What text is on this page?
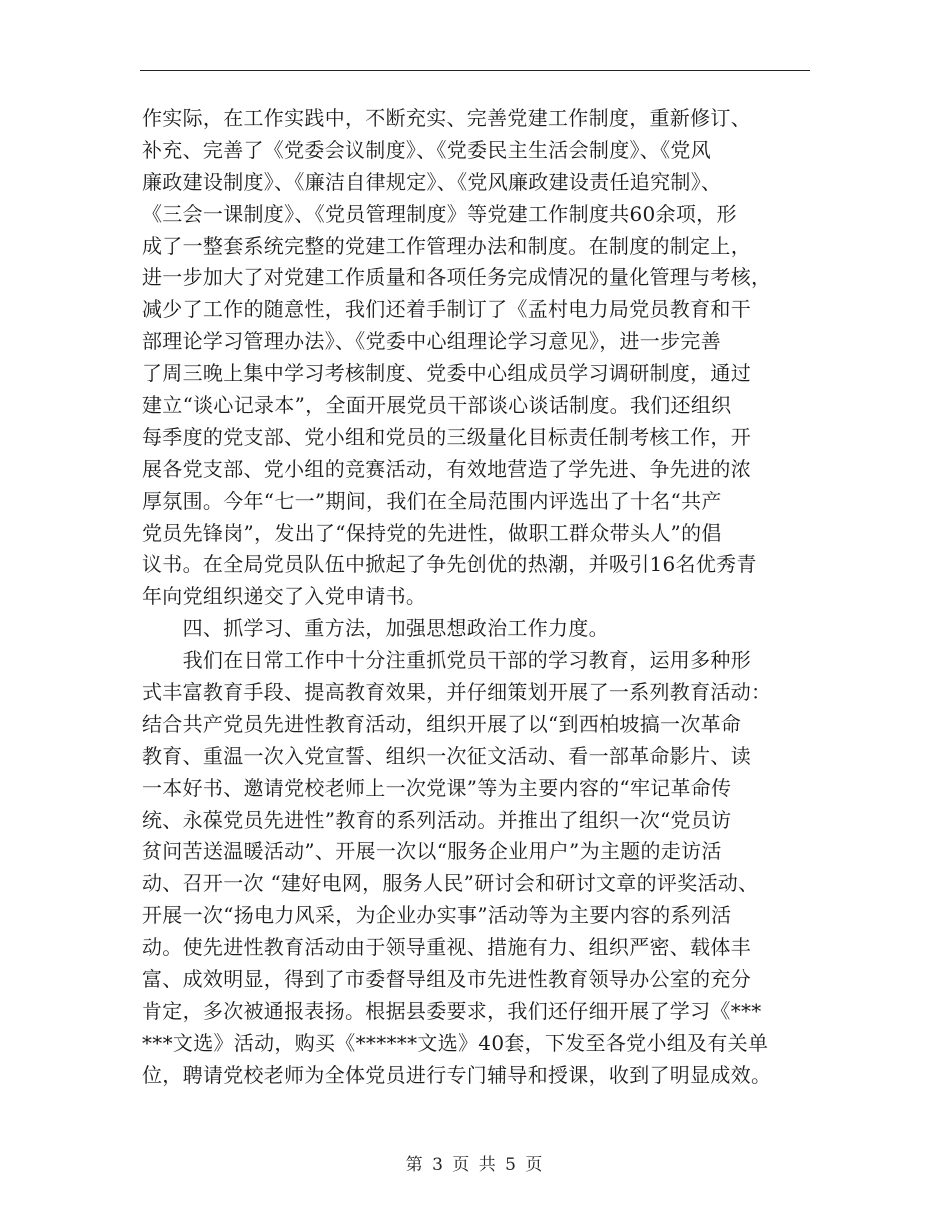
作实际，在工作实践中，不断充实、完善党建工作制度，重新修订、
补充、完善了《党委会议制度》、《党委民主生活会制度》、《党风
廉政建设制度》、《廉洁自律规定》、《党风廉政建设责任追究制》、
《三会一课制度》、《党员管理制度》等党建工作制度共60余项，形
成了一整套系统完整的党建工作管理办法和制度。在制度的制定上，
进一步加大了对党建工作质量和各项任务完成情况的量化管理与考核，
减少了工作的随意性，我们还着手制订了《孟村电力局党员教育和干
部理论学习管理办法》、《党委中心组理论学习意见》，进一步完善
了周三晚上集中学习考核制度、党委中心组成员学习调研制度，通过
建立“谈心记录本”，全面开展党员干部谈心谈话制度。我们还组织
每季度的党支部、党小组和党员的三级量化目标责任制考核工作，开
展各党支部、党小组的竞赛活动，有效地营造了学先进、争先进的浓
厚氛围。今年“七一”期间，我们在全局范围内评选出了十名“共产
党员先锋岗”，发出了“保持党的先进性，做职工群众带头人”的倡
议书。在全局党员队伍中掀起了争先创优的热潮，并吸引16名优秀青
年向党组织递交了入党申请书。
　　四、抓学习、重方法，加强思想政治工作力度。
　　我们在日常工作中十分注重抓党员干部的学习教育，运用多种形
式丰富教育手段、提高教育效果，并仔细策划开展了一系列教育活动：
结合共产党员先进性教育活动，组织开展了以“到西柏坡搞一次革命
教育、重温一次入党宣誓、组织一次征文活动、看一部革命影片、读
一本好书、邀请党校老师上一次党课”等为主要内容的“牢记革命传
统、永葆党员先进性”教育的系列活动。并推出了组织一次“党员访
贫问苦送温暖活动”、开展一次以“服务企业用户”为主题的走访活
动、召开一次 “建好电网，服务人民”研讨会和研讨文章的评奖活动、
开展一次“扬电力风采，为企业办实事”活动等为主要内容的系列活
动。使先进性教育活动由于领导重视、措施有力、组织严密、载体丰
富、成效明显，得到了市委督导组及市先进性教育领导办公室的充分
肯定，多次被通报表扬。根据县委要求，我们还仔细开展了学习《***
***文选》活动，购买《******文选》40套，下发至各党小组及有关单
位，聘请党校老师为全体党员进行专门辅导和授课，收到了明显成效。
第 3 页 共 5 页
